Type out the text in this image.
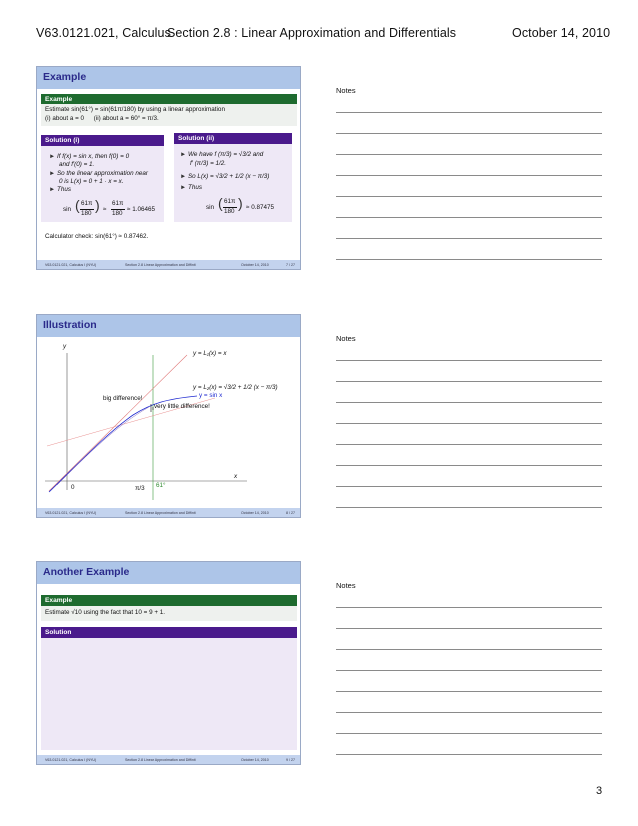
V63.0121.021, CalculusSection 2.8 : Linear Approximation and Differentials	October 14, 2010
Example
Example
Estimate sin(61°) = sin(61π/180) by using a linear approximation
(i) about a = 0 (ii) about a = 60° = π/3.
Solution (i)
► If f(x) = sin x, then f(0) = 0
and f′(0) = 1.
► So the linear approximation near
0 is L(x) = 0 + 1 · x = x.
► Thus
sin ( 61π
180
) ≈
61π
180
≈ 1.06465
Solution (ii)
► We have f (π/3) = √3/2 and
f′ (π/3) = 1/2.
► So L(x) = √3/2 + 1/2 (x − π/3)
► Thus
sin ( 61π
180
) ≈ 0.87475
Calculator check: sin(61°) ≈ 0.87462.
V63.0121.021, Calculus I (NYU)	Section 2.8 Linear Approximation and Diffinit	October 14, 2010	7 / 27
Illustration
y
x
y = L₁(x) = x
y = L₂(x) = √3/2 + 1/2 (x − π/3)
y = sin x
big difference!
very little difference!
0	π/3 61°
V63.0121.021, Calculus I (NYU)	Section 2.8 Linear Approximation and Diffinit	October 14, 2010	8 / 27
Another Example
Example
Estimate √10 using the fact that 10 = 9 + 1.
Solution
V63.0121.021, Calculus I (NYU)	Section 2.8 Linear Approximation and Diffinit	October 14, 2010	9 / 27
Notes
Notes
Notes
3
